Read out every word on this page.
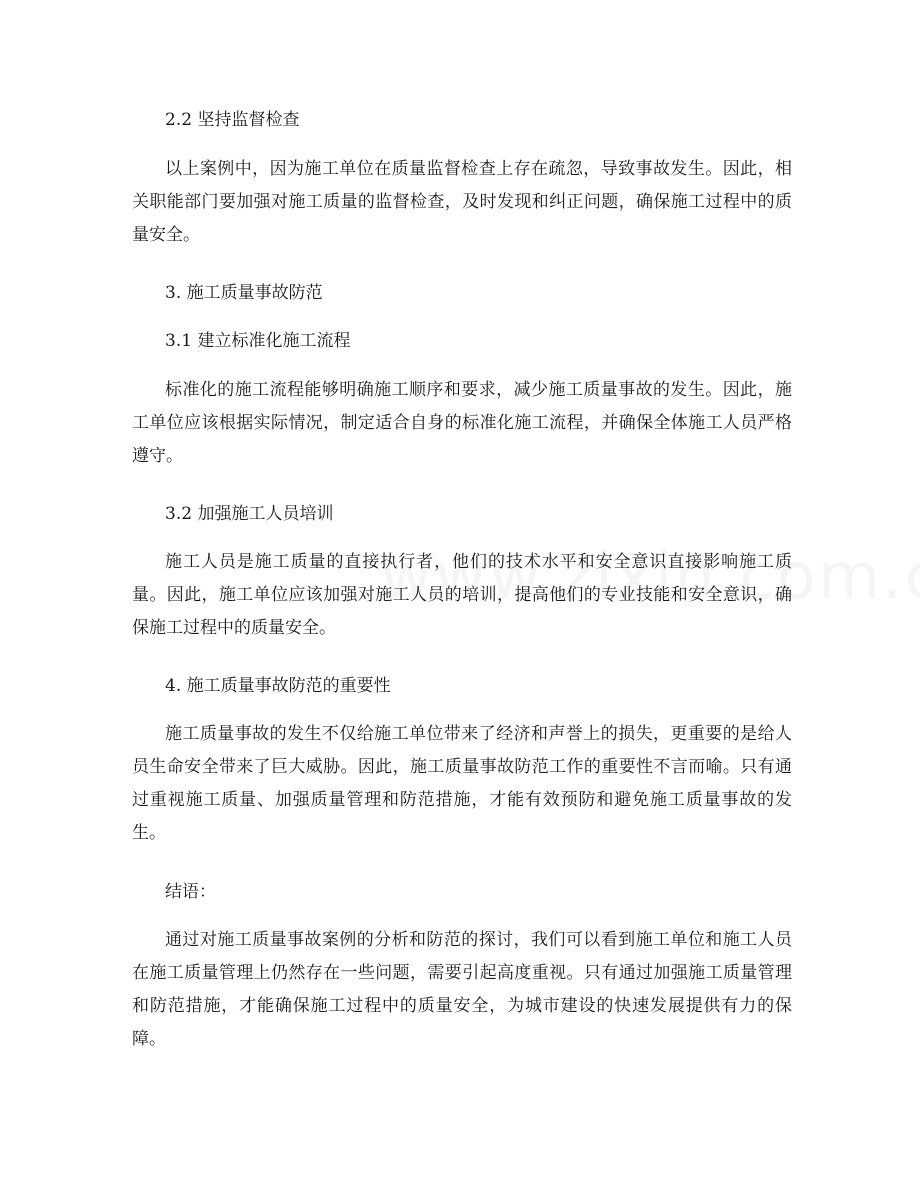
2.2 坚持监督检查

以上案例中，因为施工单位在质量监督检查上存在疏忽，导致事故发生。因此，相关职能部门要加强对施工质量的监督检查，及时发现和纠正问题，确保施工过程中的质量安全。

3. 施工质量事故防范

3.1 建立标准化施工流程

标准化的施工流程能够明确施工顺序和要求，减少施工质量事故的发生。因此，施工单位应该根据实际情况，制定适合自身的标准化施工流程，并确保全体施工人员严格遵守。

3.2 加强施工人员培训

施工人员是施工质量的直接执行者，他们的技术水平和安全意识直接影响施工质量。因此，施工单位应该加强对施工人员的培训，提高他们的专业技能和安全意识，确保施工过程中的质量安全。

4. 施工质量事故防范的重要性

施工质量事故的发生不仅给施工单位带来了经济和声誉上的损失，更重要的是给人员生命安全带来了巨大威胁。因此，施工质量事故防范工作的重要性不言而喻。只有通过重视施工质量、加强质量管理和防范措施，才能有效预防和避免施工质量事故的发生。

结语：

通过对施工质量事故案例的分析和防范的探讨，我们可以看到施工单位和施工人员在施工质量管理上仍然存在一些问题，需要引起高度重视。只有通过加强施工质量管理和防范措施，才能确保施工过程中的质量安全，为城市建设的快速发展提供有力的保障。
